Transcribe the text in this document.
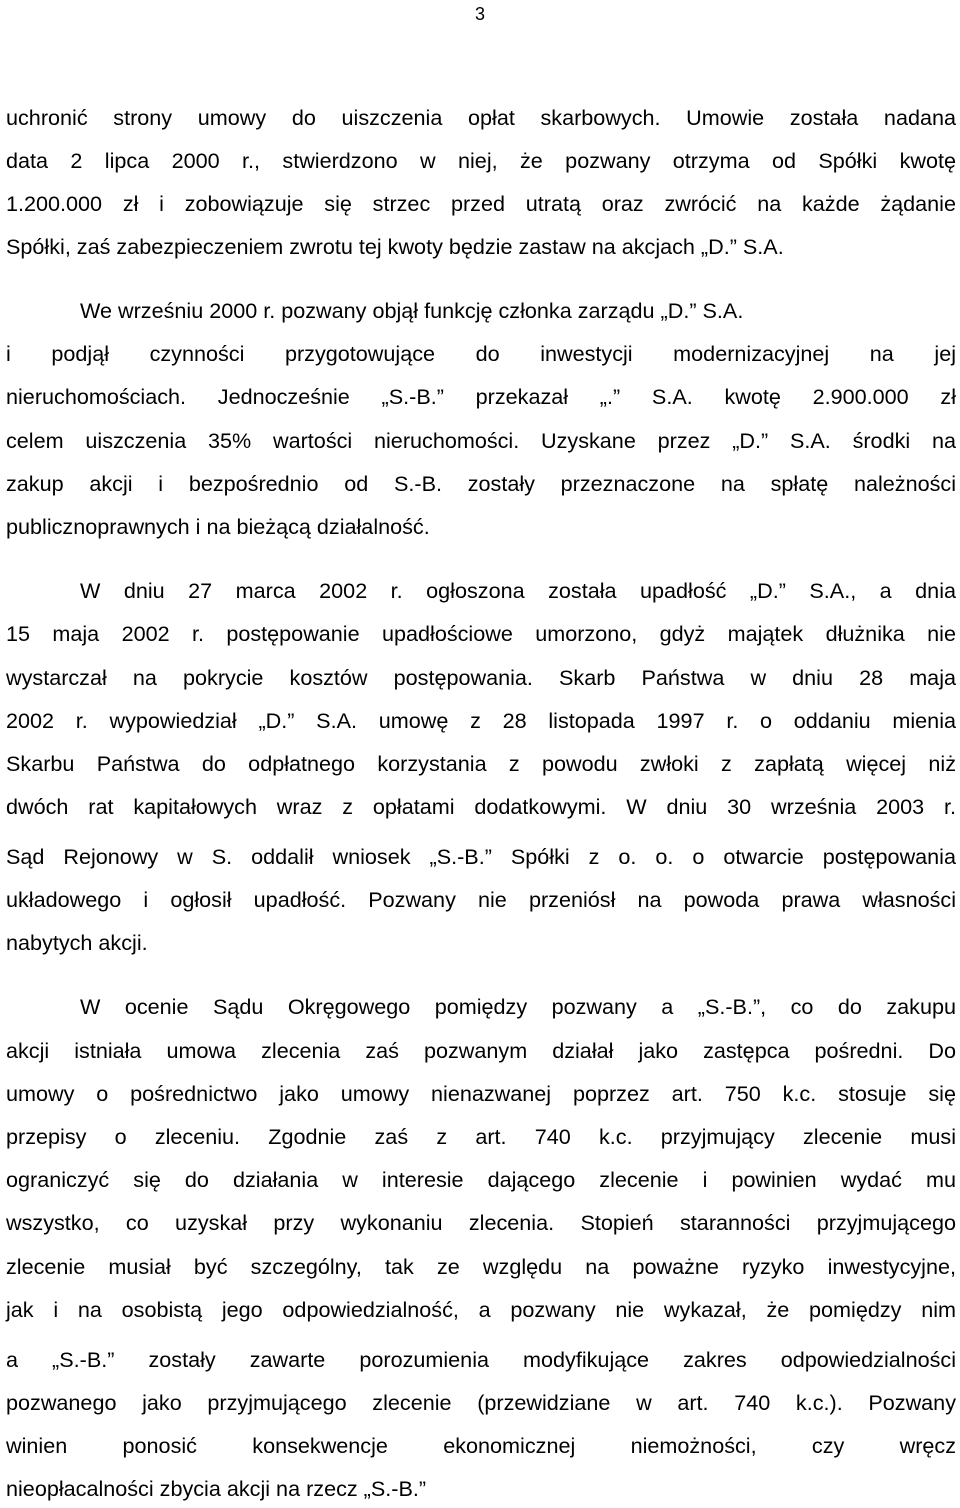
3
uchronić strony umowy do uiszczenia opłat skarbowych. Umowie została nadana
data 2 lipca 2000 r., stwierdzono w niej, że pozwany otrzyma od Spółki kwotę
1.200.000 zł i zobowiązuje się strzec przed utratą oraz zwrócić na każde żądanie
Spółki, zaś zabezpieczeniem zwrotu tej kwoty będzie zastaw na akcjach „D.” S.A.
We wrześniu 2000 r. pozwany objął funkcję członka zarządu „D.” S.A.
i podjął czynności przygotowujące do inwestycji modernizacyjnej na jej
nieruchomościach. Jednocześnie „S.-B.” przekazał „.” S.A. kwotę 2.900.000 zł
celem uiszczenia 35% wartości nieruchomości. Uzyskane przez „D.” S.A. środki na
zakup akcji i bezpośrednio od S.-B. zostały przeznaczone na spłatę należności
publicznoprawnych i na bieżącą działalność.
W dniu 27 marca 2002 r. ogłoszona została upadłość „D.” S.A., a dnia
15 maja 2002 r. postępowanie upadłościowe umorzono, gdyż majątek dłużnika nie
wystarczał na pokrycie kosztów postępowania. Skarb Państwa w dniu 28 maja
2002 r. wypowiedział „D.” S.A. umowę z 28 listopada 1997 r. o oddaniu mienia
Skarbu Państwa do odpłatnego korzystania z powodu zwłoki z zapłatą więcej niż
dwóch rat kapitałowych wraz z opłatami dodatkowymi. W dniu 30 września 2003 r.
Sąd Rejonowy w S. oddalił wniosek „S.-B.” Spółki z o. o. o otwarcie postępowania
układowego i ogłosił upadłość. Pozwany nie przeniósł na powoda prawa własności
nabytych akcji.
W ocenie Sądu Okręgowego pomiędzy pozwany a „S.-B.”, co do zakupu
akcji istniała umowa zlecenia zaś pozwanym działał jako zastępca pośredni. Do
umowy o pośrednictwo jako umowy nienazwanej poprzez art. 750 k.c. stosuje się
przepisy o zleceniu. Zgodnie zaś z art. 740 k.c. przyjmujący zlecenie musi
ograniczyć się do działania w interesie dającego zlecenie i powinien wydać mu
wszystko, co uzyskał przy wykonaniu zlecenia. Stopień staranności przyjmującego
zlecenie musiał być szczególny, tak ze względu na poważne ryzyko inwestycyjne,
jak i na osobistą jego odpowiedzialność, a pozwany nie wykazał, że pomiędzy nim
a „S.-B.” zostały zawarte porozumienia modyfikujące zakres odpowiedzialności
pozwanego jako przyjmującego zlecenie (przewidziane w art. 740 k.c.). Pozwany
winien ponosić konsekwencje ekonomicznej niemożności, czy wręcz
nieopłacalności zbycia akcji na rzecz „S.-B.”
